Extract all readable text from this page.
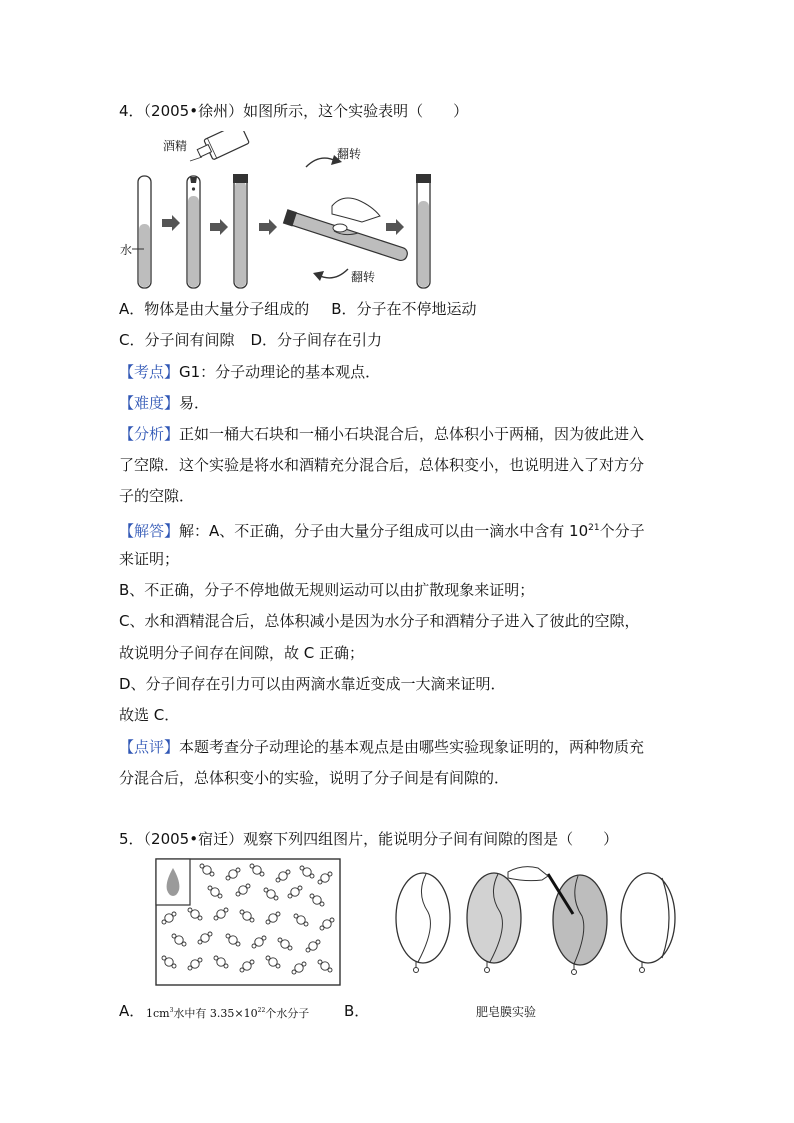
4．（2005•徐州）如图所示，这个实验表明（　　）
酒精
水
翻转
翻转
A．物体是由大量分子组成的 B．分子在不停地运动
C．分子间有间隙 D．分子间存在引力
【考点】G1：分子动理论的基本观点．
【难度】易．
【分析】正如一桶大石块和一桶小石块混合后，总体积小于两桶，因为彼此进入
了空隙．这个实验是将水和酒精充分混合后，总体积变小，也说明进入了对方分
子的空隙．
【解答】解：A、不正确，分子由大量分子组成可以由一滴水中含有 $10^{21}$个分子
来证明；
B、不正确，分子不停地做无规则运动可以由扩散现象来证明；
C、水和酒精混合后，总体积减小是因为水分子和酒精分子进入了彼此的空隙，
故说明分子间存在间隙，故 C 正确；
D、分子间存在引力可以由两滴水靠近变成一大滴来证明．
故选 C．
【点评】本题考查分子动理论的基本观点是由哪些实验现象证明的，两种物质充
分混合后，总体积变小的实验，说明了分子间是有间隙的．
5．（2005•宿迁）观察下列四组图片，能说明分子间有间隙的图是（　　）
A． $1cm^3$水中有 $3.35\times 10^{22}$个水分子 B．	肥皂膜实验
